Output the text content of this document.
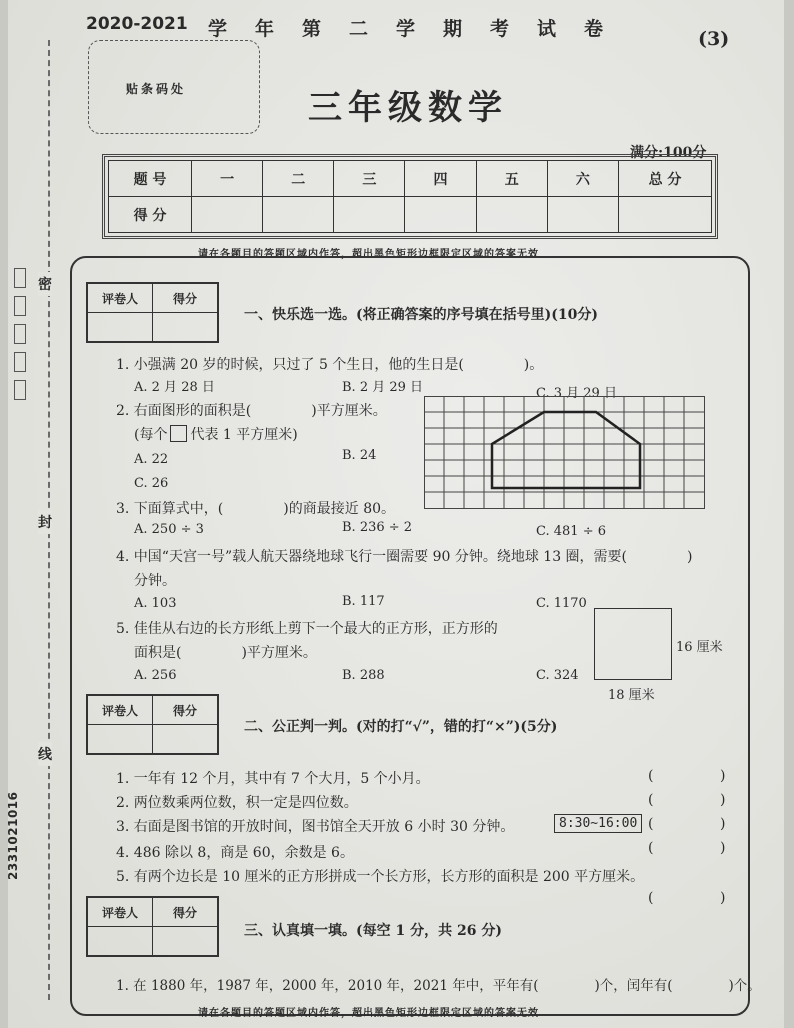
密
封
线
2331021016
2020-2021 学年第二学期考试卷	(3)
贴条码处	三年级数学
满分:100分
题 号	一	二	三	四	五	六	总 分
得 分							
请在各题目的答题区域内作答，超出黑色矩形边框限定区域的答案无效
评卷人	得分

一、快乐选一选。(将正确答案的序号填在括号里)(10分)
1. 小强满 20 岁的时候，只过了 5 个生日，他的生日是(	)。
A. 2 月 28 日	B. 2 月 29 日	C. 3 月 29 日
2. 右面图形的面积是(	)平方厘米。
(每个 代表 1 平方厘米)
A. 22	B. 24
C. 26
3. 下面算式中，(	)的商最接近 80。
A. 250 ÷ 3	B. 236 ÷ 2	C. 481 ÷ 6
4. 中国“天宫一号”载人航天器绕地球飞行一圈需要 90 分钟。绕地球 13 圈，需要(	)
分钟。
A. 103	B. 117	C. 1170
5. 佳佳从右边的长方形纸上剪下一个最大的正方形，正方形的
面积是(	)平方厘米。
A. 256	B. 288	C. 324
16 厘米
18 厘米
评卷人	得分

二、公正判一判。(对的打“√”，错的打“×”)(5分)
1. 一年有 12 个月，其中有 7 个大月，5 个小月。
2. 两位数乘两位数，积一定是四位数。
3. 右面是图书馆的开放时间，图书馆全天开放 6 小时 30 分钟。	8:30~16:00
4. 486 除以 8，商是 60，余数是 6。
5. 有两个边长是 10 厘米的正方形拼成一个长方形，长方形的面积是 200 平方厘米。
(	)
(	)
(	)
(	)
(	)
评卷人	得分

三、认真填一填。(每空 1 分，共 26 分)
1. 在 1880 年，1987 年，2000 年，2010 年，2021 年中，平年有(	)个，闰年有(	)个。
请在各题目的答题区域内作答，超出黑色矩形边框限定区域的答案无效
